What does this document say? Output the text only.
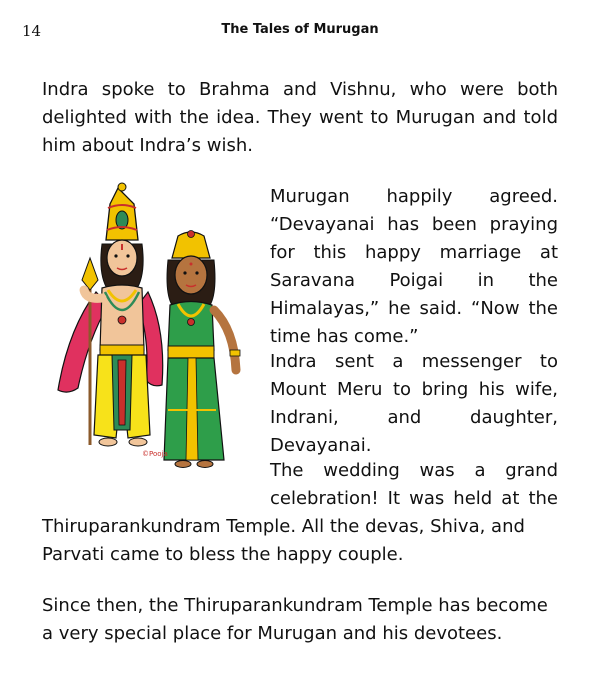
14	The Tales of Murugan
Indra spoke to Brahma and Vishnu, who were both delighted with the idea. They went to Murugan and told him about Indra’s wish.
©Pooja
Murugan happily agreed. “Devayanai has been praying for this happy marriage at Saravana Poigai in the Himalayas,” he said. “Now the time has come.”
Indra sent a messenger to Mount Meru to bring his wife, Indrani, and daughter, Devayanai.
The wedding was a grand celebration! It was held at the
Thiruparankundram Temple. All the devas, Shiva, and Parvati came to bless the happy couple.
Since then, the Thiruparankundram Temple has become a very special place for Murugan and his devotees.
